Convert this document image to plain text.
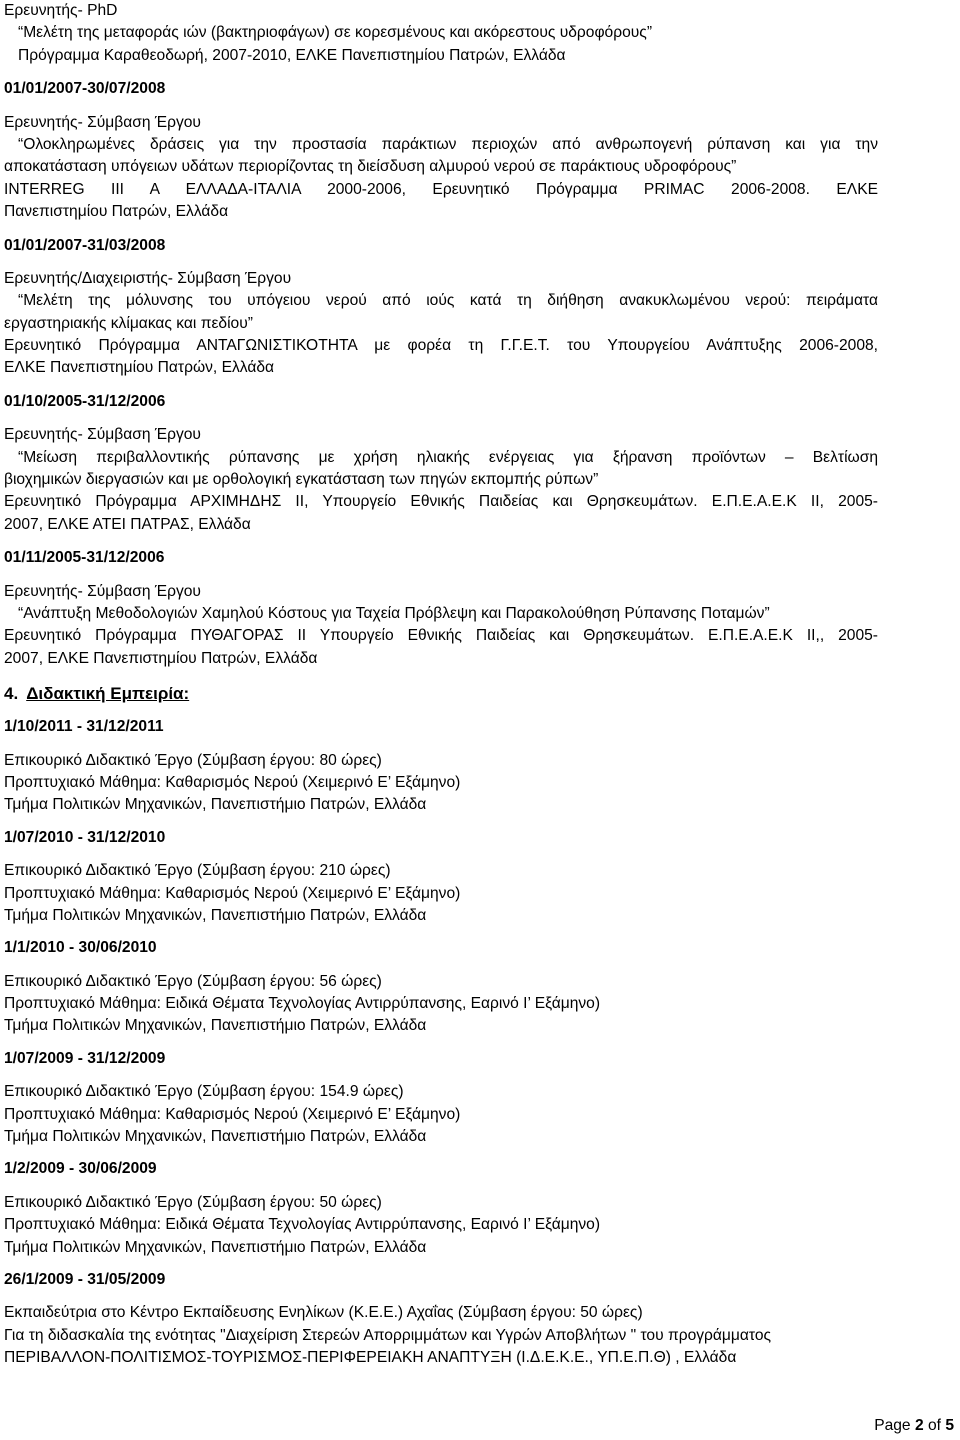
Ερευνητής- PhD
“Μελέτη της μεταφοράς ιών (βακτηριοφάγων) σε κορεσμένους και ακόρεστους υδροφόρους”
Πρόγραμμα Καραθεοδωρή, 2007-2010, ΕΛΚΕ Πανεπιστημίου Πατρών, Ελλάδα
01/01/2007-30/07/2008
Ερευνητής- Σύμβαση Έργου
“Ολοκληρωμένες δράσεις για την προστασία παράκτιων περιοχών από ανθρωπογενή ρύπανση και για την
αποκατάσταση υπόγειων υδάτων περιορίζοντας τη διείσδυση αλμυρού νερού σε παράκτιους υδροφόρους”
INTERREG III A ΕΛΛΑΔΑ-ΙΤΑΛΙΑ 2000-2006, Ερευνητικό Πρόγραμμα PRIMAC 2006-2008. ΕΛΚΕ
Πανεπιστημίου Πατρών, Ελλάδα
01/01/2007-31/03/2008
Ερευνητής/Διαχειριστής- Σύμβαση Έργου
“Μελέτη της μόλυνσης του υπόγειου νερού από ιούς κατά τη διήθηση ανακυκλωμένου νερού: πειράματα
εργαστηριακής κλίμακας και πεδίου”
Ερευνητικό Πρόγραμμα ΑΝΤΑΓΩΝΙΣΤΙΚΟΤΗΤΑ με φορέα τη Γ.Γ.Ε.Τ. του Υπουργείου Ανάπτυξης 2006-2008,
ΕΛΚΕ Πανεπιστημίου Πατρών, Ελλάδα
01/10/2005-31/12/2006
Ερευνητής- Σύμβαση Έργου
“Μείωση περιβαλλοντικής ρύπανσης με χρήση ηλιακής ενέργειας για ξήρανση προϊόντων – Βελτίωση
βιοχημικών διεργασιών και με ορθολογική εγκατάσταση των πηγών εκπομπής ρύπων”
Ερευνητικό Πρόγραμμα ΑΡΧΙΜΗΔΗΣ ΙΙ, Υπουργείο Εθνικής Παιδείας και Θρησκευμάτων. Ε.Π.Ε.Α.Ε.Κ ΙΙ, 2005-
2007, ΕΛΚΕ ΑΤΕΙ ΠΑΤΡΑΣ, Ελλάδα
01/11/2005-31/12/2006
Ερευνητής- Σύμβαση Έργου
“Ανάπτυξη Μεθοδολογιών Χαμηλού Κόστους για Ταχεία Πρόβλεψη και Παρακολούθηση Ρύπανσης Ποταμών”
Ερευνητικό Πρόγραμμα ΠΥΘΑΓΟΡΑΣ ΙΙ Υπουργείο Εθνικής Παιδείας και Θρησκευμάτων. Ε.Π.Ε.Α.Ε.Κ ΙΙ,, 2005-
2007, ΕΛΚΕ Πανεπιστημίου Πατρών, Ελλάδα
4. Διδακτική Εμπειρία:
1/10/2011 - 31/12/2011
Επικουρικό Διδακτικό Έργο (Σύμβαση έργου: 80 ώρες)
Προπτυχιακό Μάθημα: Καθαρισμός Νερού (Χειμερινό Ε’ Εξάμηνο)
Τμήμα Πολιτικών Μηχανικών, Πανεπιστήμιο Πατρών, Ελλάδα
1/07/2010 - 31/12/2010
Επικουρικό Διδακτικό Έργο (Σύμβαση έργου: 210 ώρες)
Προπτυχιακό Μάθημα: Καθαρισμός Νερού (Χειμερινό Ε’ Εξάμηνο)
Τμήμα Πολιτικών Μηχανικών, Πανεπιστήμιο Πατρών, Ελλάδα
1/1/2010 - 30/06/2010
Επικουρικό Διδακτικό Έργο (Σύμβαση έργου: 56 ώρες)
Προπτυχιακό Μάθημα: Ειδικά Θέματα Τεχνολογίας Αντιρρύπανσης, Εαρινό Ι’ Εξάμηνο)
Τμήμα Πολιτικών Μηχανικών, Πανεπιστήμιο Πατρών, Ελλάδα
1/07/2009 - 31/12/2009
Επικουρικό Διδακτικό Έργο (Σύμβαση έργου: 154.9 ώρες)
Προπτυχιακό Μάθημα: Καθαρισμός Νερού (Χειμερινό Ε’ Εξάμηνο)
Τμήμα Πολιτικών Μηχανικών, Πανεπιστήμιο Πατρών, Ελλάδα
1/2/2009 - 30/06/2009
Επικουρικό Διδακτικό Έργο (Σύμβαση έργου: 50 ώρες)
Προπτυχιακό Μάθημα: Ειδικά Θέματα Τεχνολογίας Αντιρρύπανσης, Εαρινό Ι’ Εξάμηνο)
Τμήμα Πολιτικών Μηχανικών, Πανεπιστήμιο Πατρών, Ελλάδα
26/1/2009 - 31/05/2009
Εκπαιδεύτρια στο Κέντρο Εκπαίδευσης Ενηλίκων (Κ.Ε.Ε.) Αχαΐας (Σύμβαση έργου: 50 ώρες)
Για τη διδασκαλία της ενότητας "Διαχείριση Στερεών Απορριμμάτων και Υγρών Αποβλήτων " του προγράμματος
ΠΕΡΙΒΑΛΛΟΝ-ΠΟΛΙΤΙΣΜΟΣ-ΤΟΥΡΙΣΜΟΣ-ΠΕΡΙΦΕΡΕΙΑΚΗ ΑΝΑΠΤΥΞΗ (Ι.Δ.Ε.Κ.Ε., ΥΠ.Ε.Π.Θ) , Ελλάδα
Page 2 of 5
